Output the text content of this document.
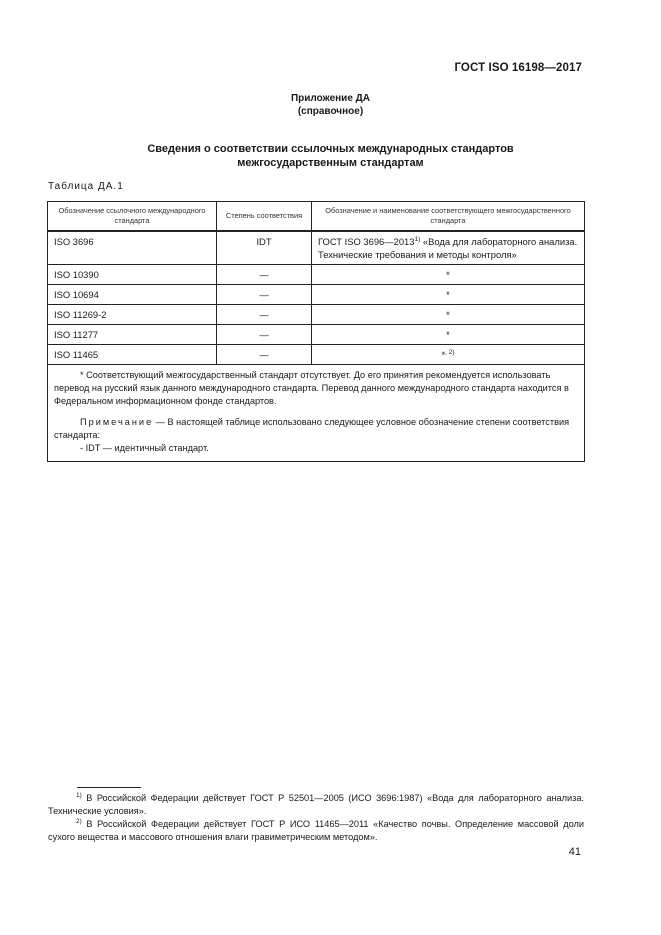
ГОСТ ISO 16198—2017
Приложение ДА
(справочное)
Сведения о соответствии ссылочных международных стандартов
межгосударственным стандартам
Таблица ДА.1
Обозначение ссылочного международного стандарта	Степень соответствия	Обозначение и наименование соответствующего межгосударственного стандарта
ISO 3696	IDT	ГОСТ ISO 3696—2013$^{1)}$ «Вода для лабораторного анализа. Технические требования и методы контроля»
ISO 10390	—	*
ISO 10694	—	*
ISO 11269-2	—	*
ISO 11277	—	*
ISO 11465	—	*$^{, 2)}$

* Соответствующий межгосударственный стандарт отсутствует. До его принятия рекомендуется использовать перевод на русский язык данного международного стандарта. Перевод данного международного стандарта находится в Федеральном информационном фонде стандартов.

Примечание — В настоящей таблице использовано следующее условное обозначение степени соответствия стандарта:

- IDT — идентичный стандарт.		

$^{1)}$ В Российской Федерации действует ГОСТ Р 52501—2005 (ИСО 3696:1987) «Вода для лабораторного анализа. Технические условия».

$^{2)}$ В Российской Федерации действует ГОСТ Р ИСО 11465—2011 «Качество почвы. Определение массовой доли сухого вещества и массового отношения влаги гравиметрическим методом».

41
